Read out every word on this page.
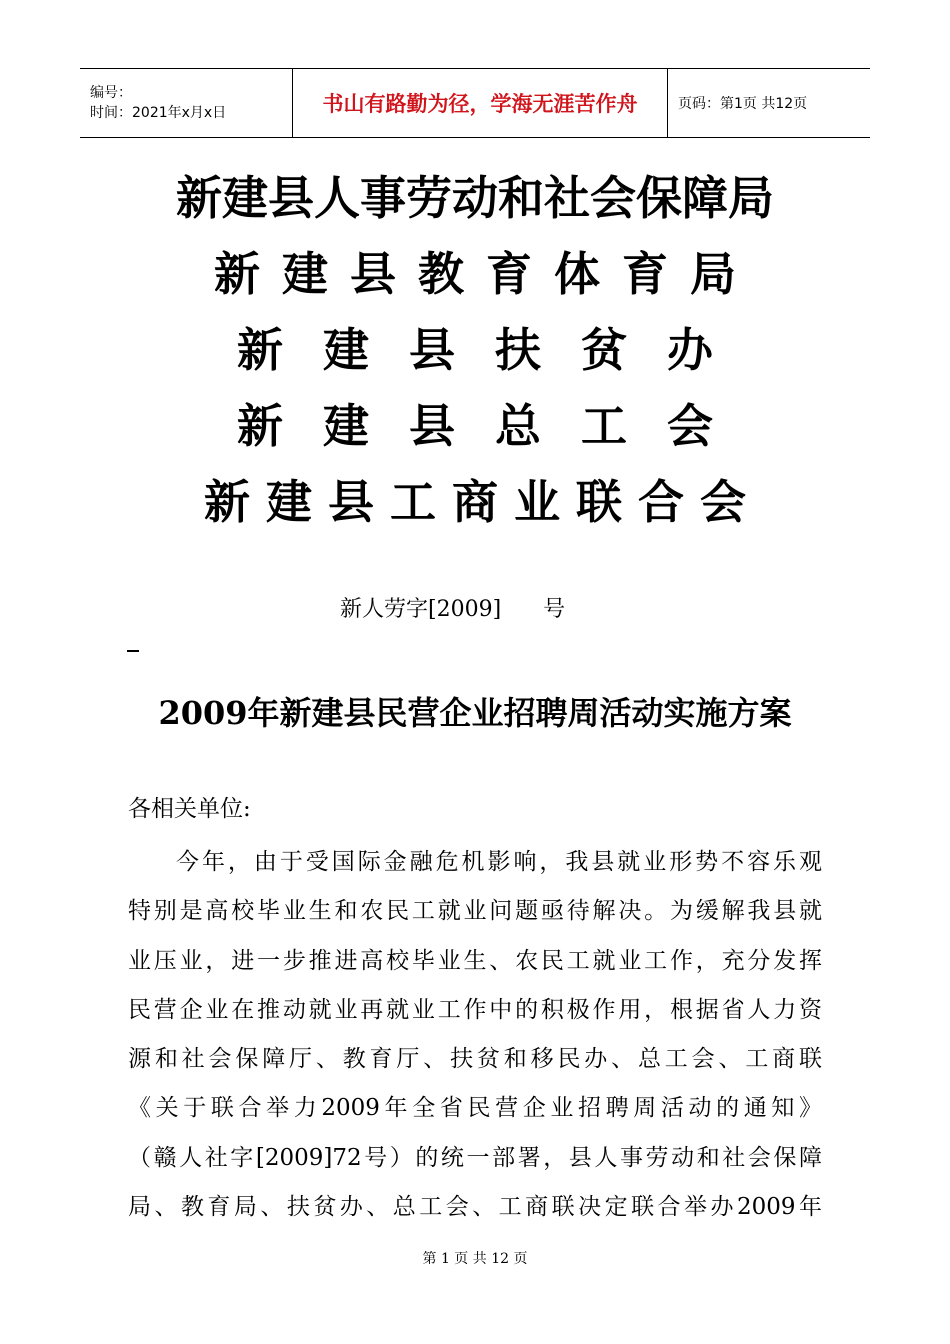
编号：
时间：2021年x月x日	书山有路勤为径，学海无涯苦作舟	页码：第1页 共12页
新建县人事劳动和社会保障局
新建县教育体育局
新建县扶贫办
新建县总工会
新建县工商业联合会
新人劳字[2009]      号
2009年新建县民营企业招聘周活动实施方案
各相关单位:
今年，由于受国际金融危机影响，我县就业形势不容乐观
特别是高校毕业生和农民工就业问题亟待解决。为缓解我县就
业压业，进一步推进高校毕业生、农民工就业工作，充分发挥
民营企业在推动就业再就业工作中的积极作用，根据省人力资
源和社会保障厅、教育厅、扶贫和移民办、总工会、工商联
《关于联合举力2009年全省民营企业招聘周活动的通知》
（赣人社字[2009]72号）的统一部署，县人事劳动和社会保障
局、教育局、扶贫办、总工会、工商联决定联合举办2009年
第 1 页 共 12 页
